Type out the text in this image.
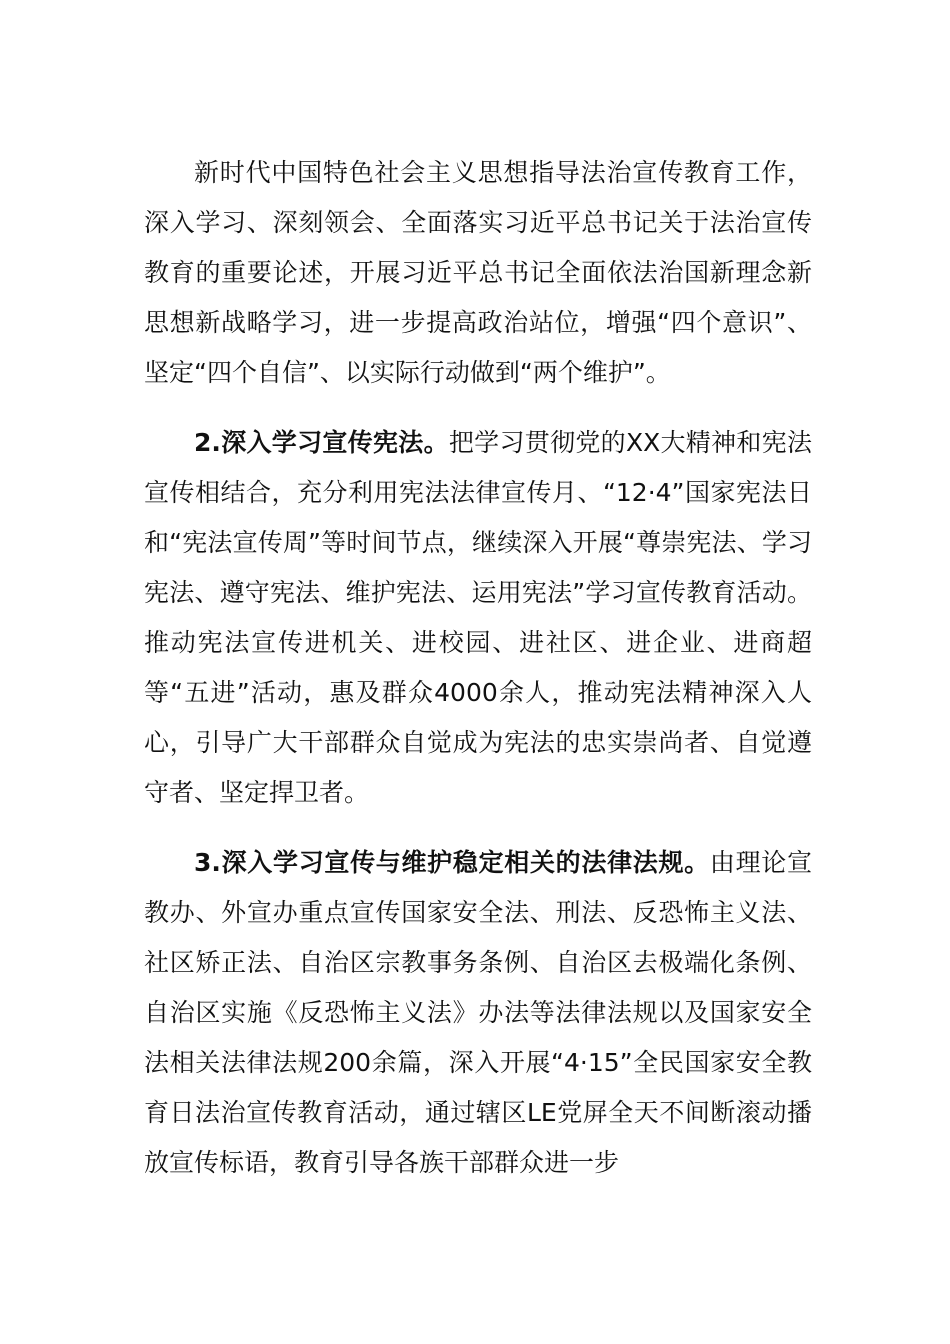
新时代中国特色社会主义思想指导法治宣传教育工作，深入学习、深刻领会、全面落实习近平总书记关于法治宣传教育的重要论述，开展习近平总书记全面依法治国新理念新思想新战略学习，进一步提高政治站位，增强“四个意识”、坚定“四个自信”、以实际行动做到“两个维护”。

2.深入学习宣传宪法。把学习贯彻党的XX大精神和宪法宣传相结合，充分利用宪法法律宣传月、“12·4”国家宪法日和“宪法宣传周”等时间节点，继续深入开展“尊崇宪法、学习宪法、遵守宪法、维护宪法、运用宪法”学习宣传教育活动。推动宪法宣传进机关、进校园、进社区、进企业、进商超等“五进”活动，惠及群众4000余人，推动宪法精神深入人心，引导广大干部群众自觉成为宪法的忠实崇尚者、自觉遵守者、坚定捍卫者。

3.深入学习宣传与维护稳定相关的法律法规。由理论宣教办、外宣办重点宣传国家安全法、刑法、反恐怖主义法、社区矫正法、自治区宗教事务条例、自治区去极端化条例、自治区实施《反恐怖主义法》办法等法律法规以及国家安全法相关法律法规200余篇，深入开展“4·15”全民国家安全教育日法治宣传教育活动，通过辖区LE党屏全天不间断滚动播放宣传标语，教育引导各族干部群众进一步
